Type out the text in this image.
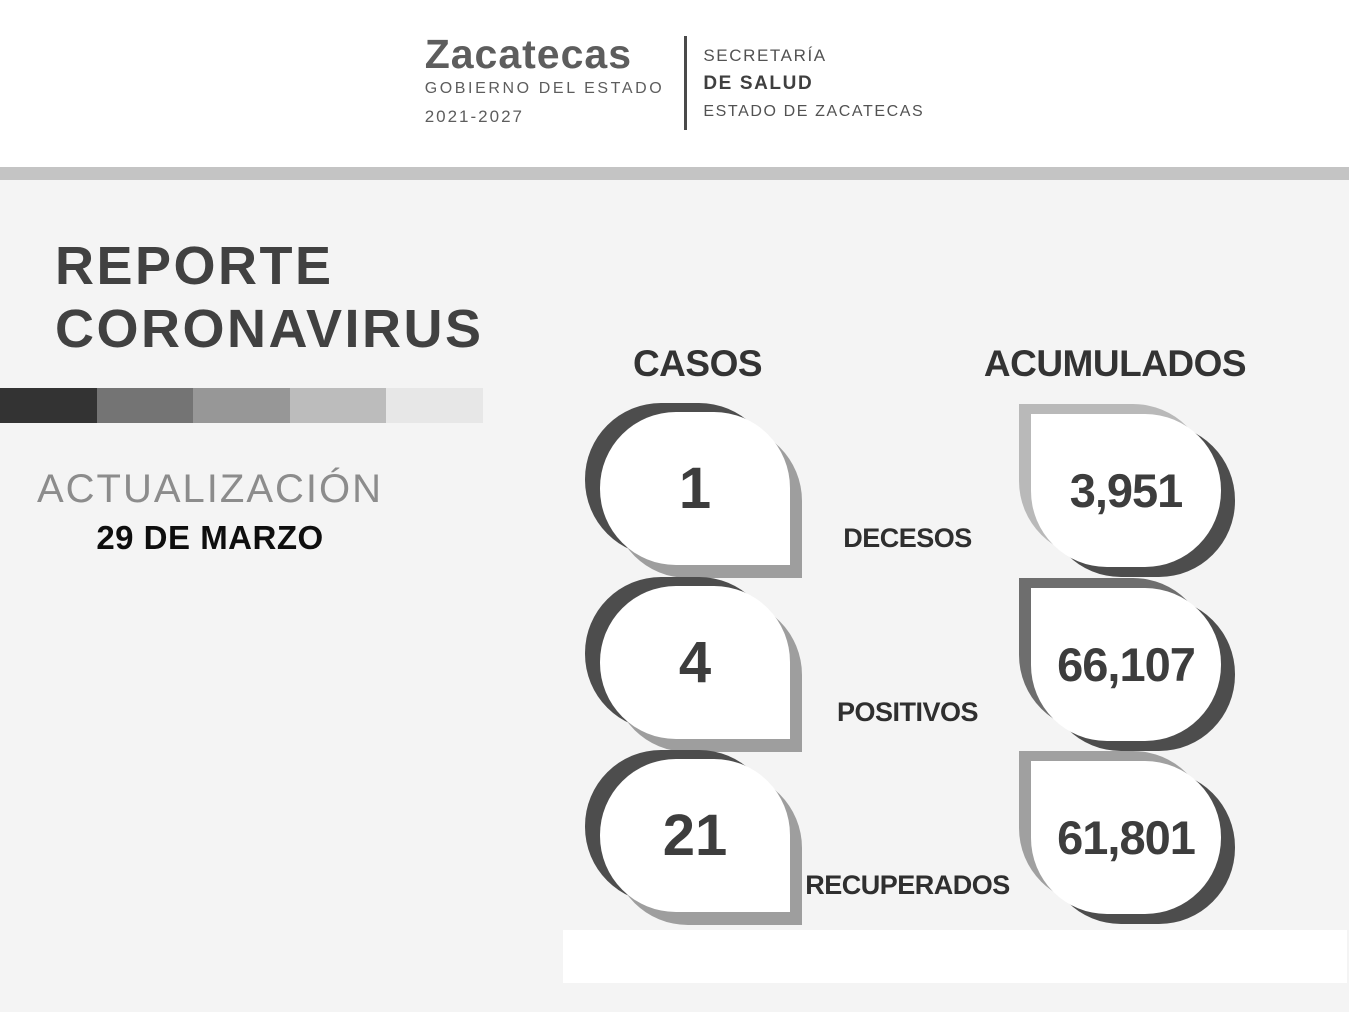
Zacatecas
GOBIERNO DEL ESTADO
2021-2027
SECRETARÍA
DE SALUD
ESTADO DE ZACATECAS
REPORTE
CORONAVIRUS
ACTUALIZACIÓN
29 DE MARZO
CASOS	ACUMULADOS
1
DECESOS
3,951
4
POSITIVOS
66,107
21
RECUPERADOS
61,801
